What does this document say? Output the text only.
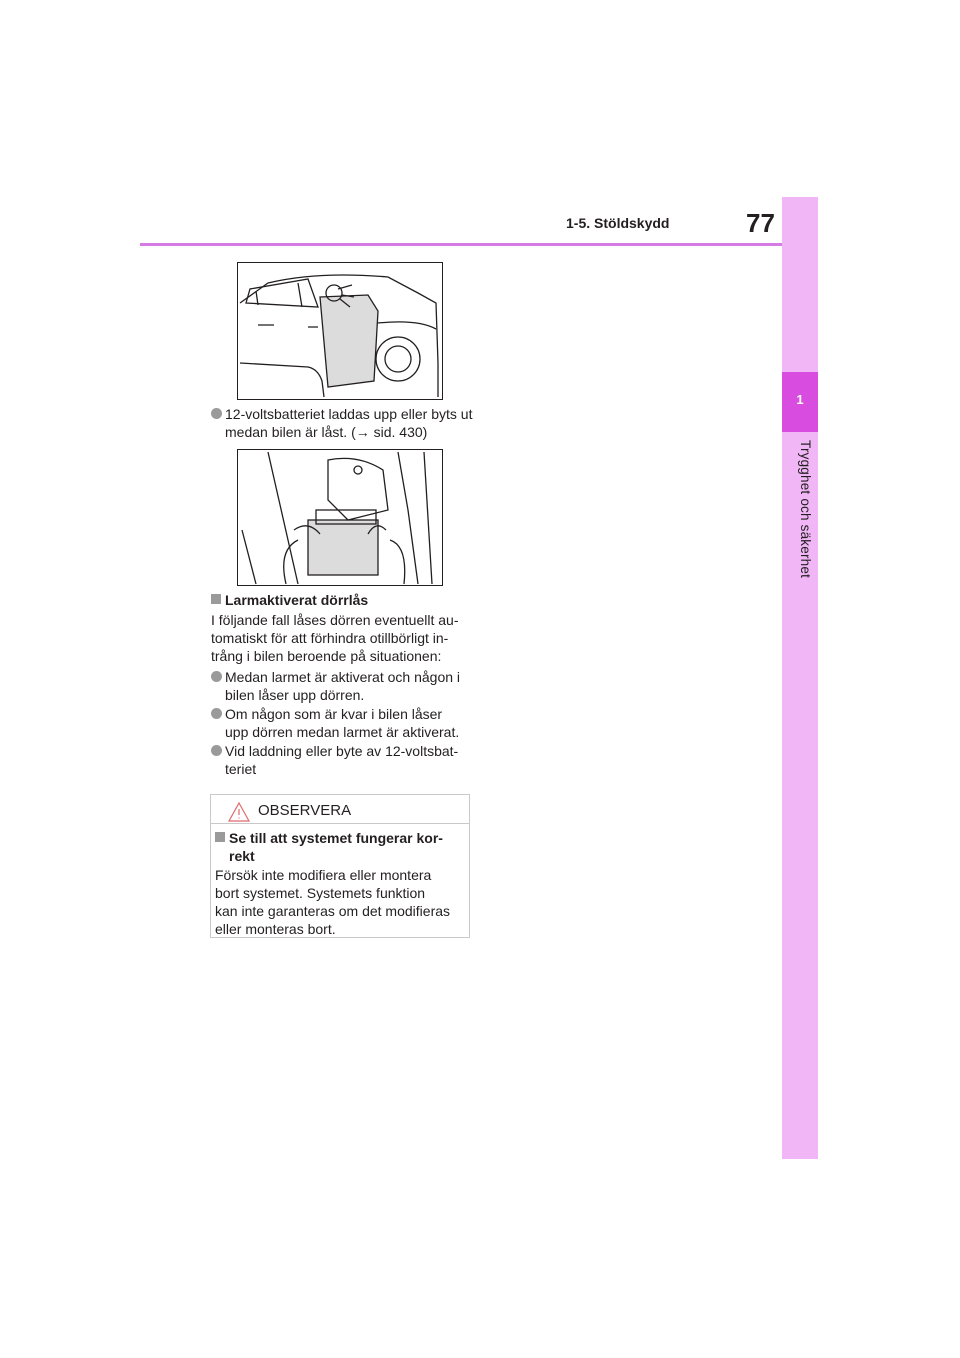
1-5. Stöldskydd	77
1
Trygghet och säkerhet
12-voltsbatteriet laddas upp eller byts ut medan bilen är låst. (→ sid. 430)
Larmaktiverat dörrlås
I följande fall låses dörren eventuellt au-
tomatiskt för att förhindra otillbörligt in-
trång i bilen beroende på situationen:
Medan larmet är aktiverat och någon i
bilen låser upp dörren.
Om någon som är kvar i bilen låser
upp dörren medan larmet är aktiverat.
Vid laddning eller byte av 12-voltsbat-
teriet
OBSERVERA
Se till att systemet fungerar kor-
rekt
Försök inte modifiera eller montera
bort systemet. Systemets funktion
kan inte garanteras om det modifieras
eller monteras bort.
